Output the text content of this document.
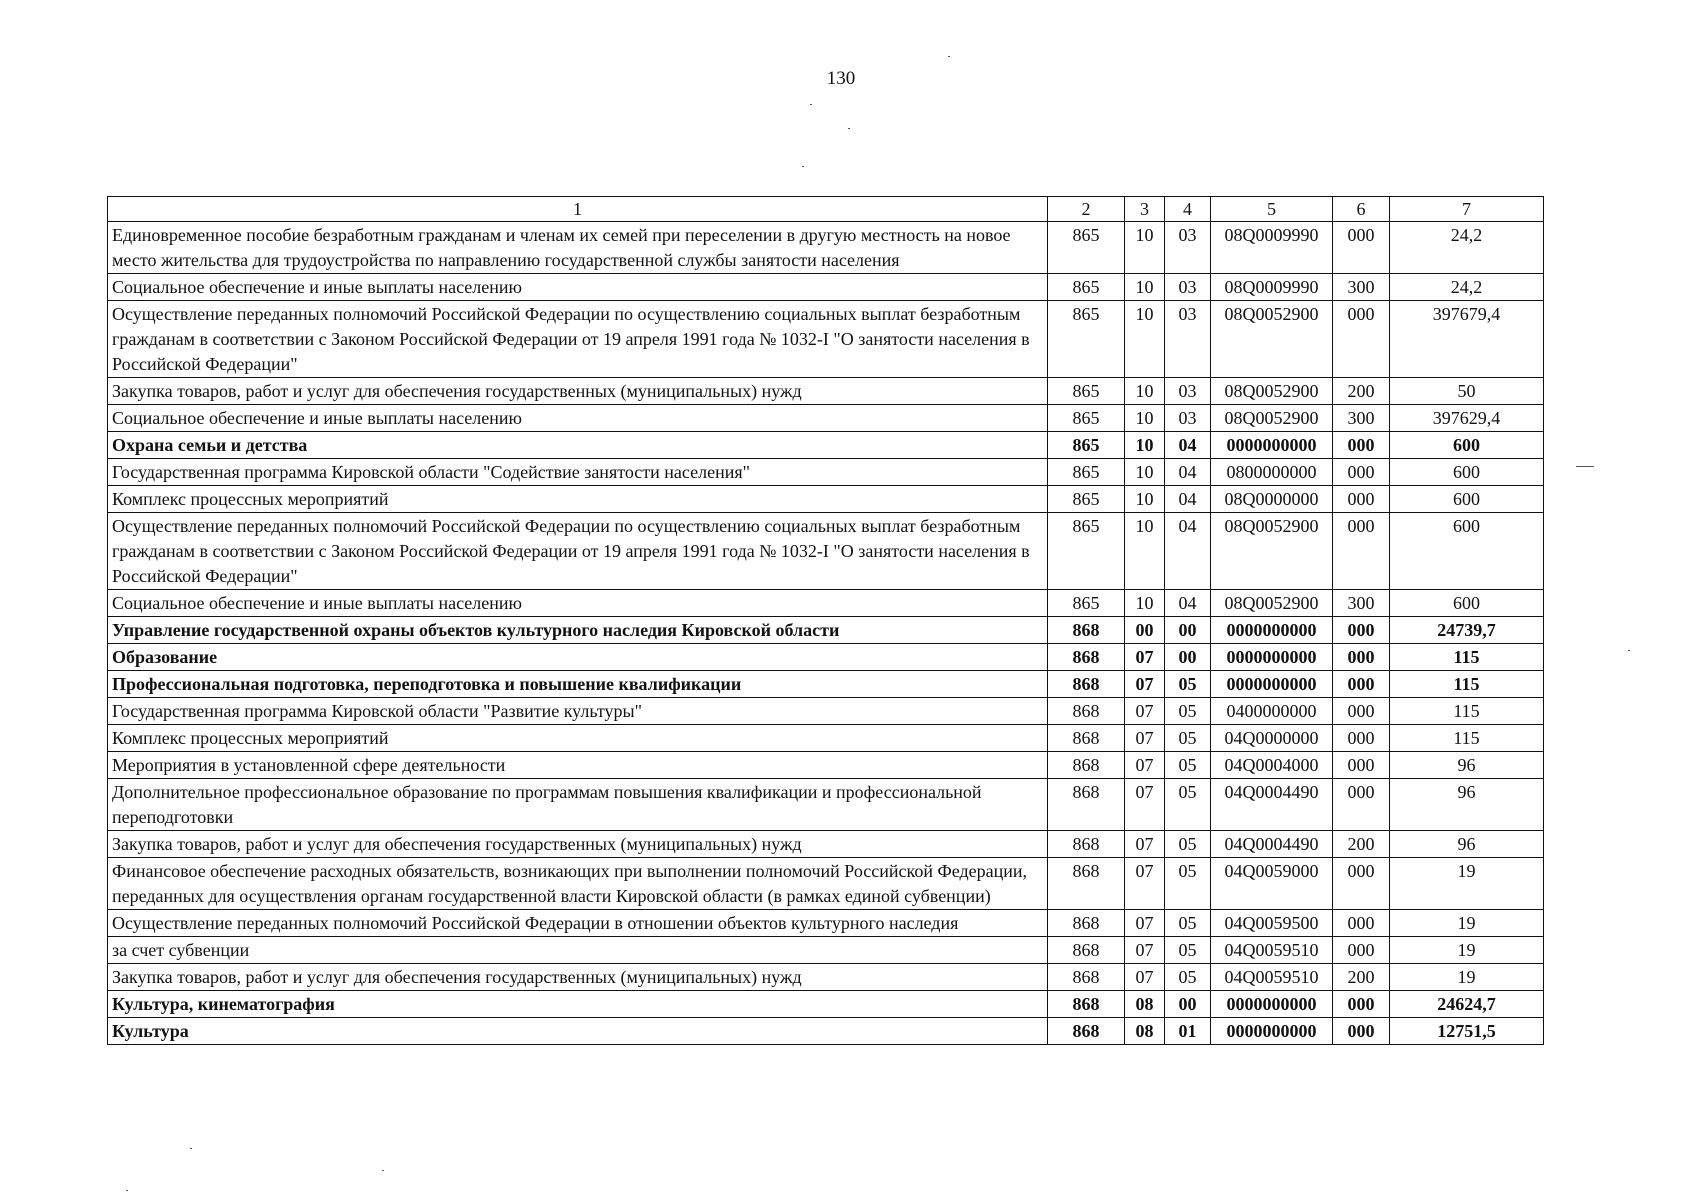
130
1	2	3	4	5	6	7
Единовременное пособие безработным гражданам и членам их семей при переселении в другую местность на новое место жительства для трудоустройства по направлению государственной службы занятости населения	865	10	03	08Q0009990	000	24,2
Социальное обеспечение и иные выплаты населению	865	10	03	08Q0009990	300	24,2
Осуществление переданных полномочий Российской Федерации по осуществлению социальных выплат безработным гражданам в соответствии с Законом Российской Федерации от 19 апреля 1991 года № 1032-I "О занятости населения в Российской Федерации"	865	10	03	08Q0052900	000	397679,4
Закупка товаров, работ и услуг для обеспечения государственных (муниципальных) нужд	865	10	03	08Q0052900	200	50
Социальное обеспечение и иные выплаты населению	865	10	03	08Q0052900	300	397629,4
Охрана семьи и детства	865	10	04	0000000000	000	600
Государственная программа Кировской области "Содействие занятости населения"	865	10	04	0800000000	000	600
Комплекс процессных мероприятий	865	10	04	08Q0000000	000	600
Осуществление переданных полномочий Российской Федерации по осуществлению социальных выплат безработным гражданам в соответствии с Законом Российской Федерации от 19 апреля 1991 года № 1032-I "О занятости населения в Российской Федерации"	865	10	04	08Q0052900	000	600
Социальное обеспечение и иные выплаты населению	865	10	04	08Q0052900	300	600
Управление государственной охраны объектов культурного наследия Кировской области	868	00	00	0000000000	000	24739,7
Образование	868	07	00	0000000000	000	115
Профессиональная подготовка, переподготовка и повышение квалификации	868	07	05	0000000000	000	115
Государственная программа Кировской области "Развитие культуры"	868	07	05	0400000000	000	115
Комплекс процессных мероприятий	868	07	05	04Q0000000	000	115
Мероприятия в установленной сфере деятельности	868	07	05	04Q0004000	000	96
Дополнительное профессиональное образование по программам повышения квалификации и профессиональной переподготовки	868	07	05	04Q0004490	000	96
Закупка товаров, работ и услуг для обеспечения государственных (муниципальных) нужд	868	07	05	04Q0004490	200	96
Финансовое обеспечение расходных обязательств, возникающих при выполнении полномочий Российской Федерации, переданных для осуществления органам государственной власти Кировской области (в рамках единой субвенции)	868	07	05	04Q0059000	000	19
Осуществление переданных полномочий Российской Федерации в отношении объектов культурного наследия	868	07	05	04Q0059500	000	19
за счет субвенции	868	07	05	04Q0059510	000	19
Закупка товаров, работ и услуг для обеспечения государственных (муниципальных) нужд	868	07	05	04Q0059510	200	19
Культура, кинематография	868	08	00	0000000000	000	24624,7
Культура	868	08	01	0000000000	000	12751,5
